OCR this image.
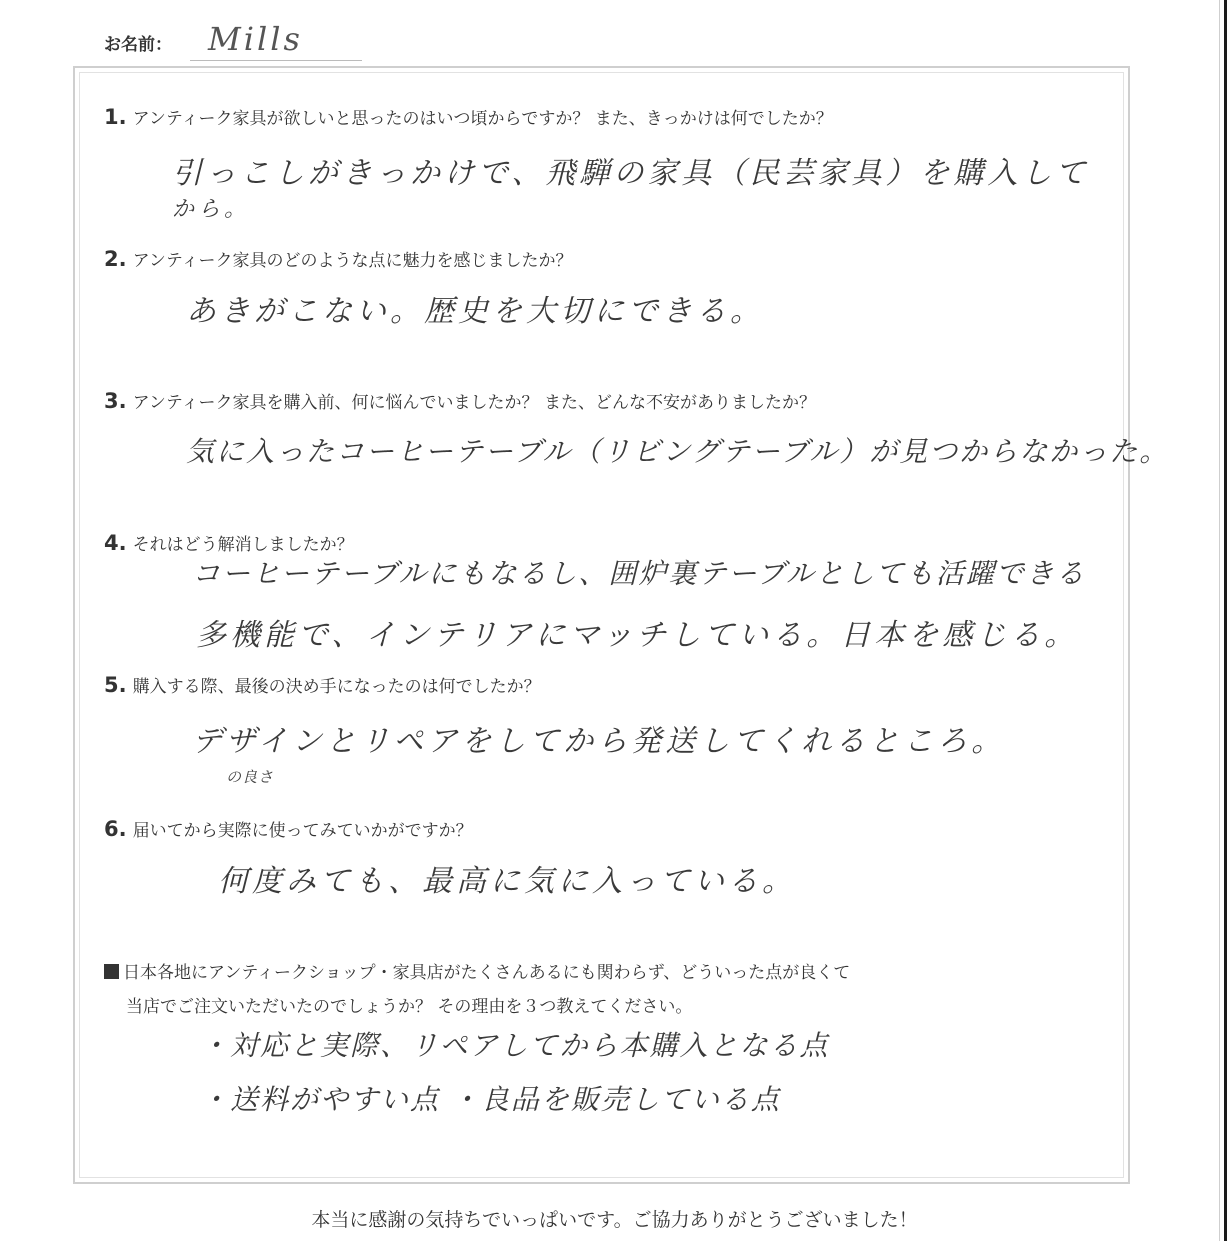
お名前： Mills
1. アンティーク家具が欲しいと思ったのはいつ頃からですか？ また、きっかけは何でしたか？
引っこしがきっかけで、飛騨の家具（民芸家具）を購入して
から。
2. アンティーク家具のどのような点に魅力を感じましたか？
あきがこない。歴史を大切にできる。
3. アンティーク家具を購入前、何に悩んでいましたか？ また、どんな不安がありましたか？
気に入ったコーヒーテーブル（リビングテーブル）が見つからなかった。
4. それはどう解消しましたか？
コーヒーテーブルにもなるし、囲炉裏テーブルとしても活躍できる
多機能で、インテリアにマッチしている。日本を感じる。
5. 購入する際、最後の決め手になったのは何でしたか？
デザインとリペアをしてから発送してくれるところ。
の良さ
6. 届いてから実際に使ってみていかがですか？
何度みても、最高に気に入っている。
日本各地にアンティークショップ・家具店がたくさんあるにも関わらず、どういった点が良くて
当店でご注文いただいたのでしょうか？ その理由を３つ教えてください。
・対応と実際、リペアしてから本購入となる点
・送料がやすい点 ・良品を販売している点
本当に感謝の気持ちでいっぱいです。ご協力ありがとうございました！
